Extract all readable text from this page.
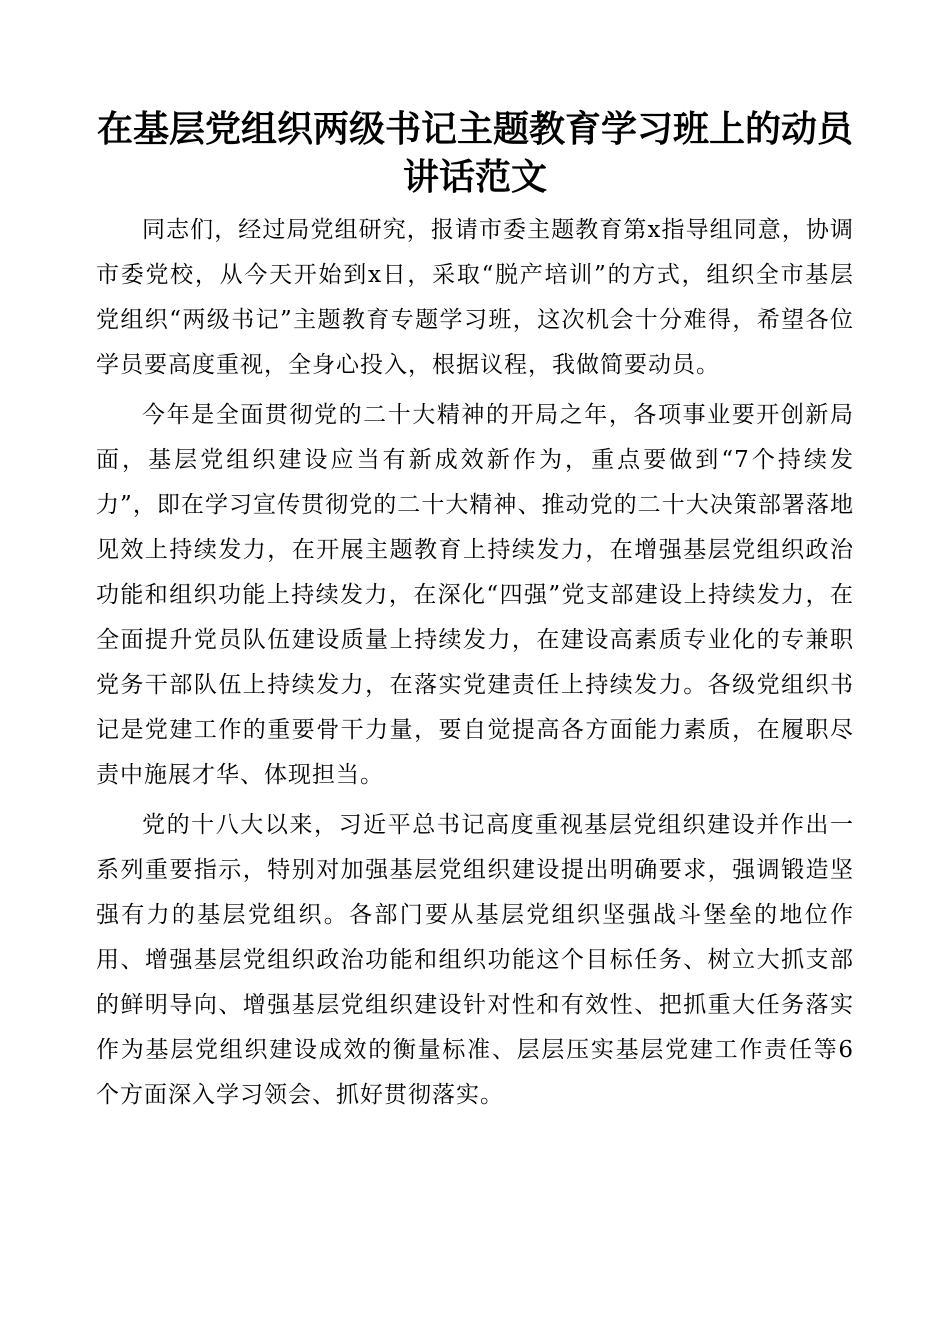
在基层党组织两级书记主题教育学习班上的动员讲话范文

同志们，经过局党组研究，报请市委主题教育第x指导组同意，协调市委党校，从今天开始到x日，采取“脱产培训”的方式，组织全市基层党组织“两级书记”主题教育专题学习班，这次机会十分难得，希望各位学员要高度重视，全身心投入，根据议程，我做简要动员。

今年是全面贯彻党的二十大精神的开局之年，各项事业要开创新局面，基层党组织建设应当有新成效新作为，重点要做到“7个持续发力”，即在学习宣传贯彻党的二十大精神、推动党的二十大决策部署落地见效上持续发力，在开展主题教育上持续发力，在增强基层党组织政治功能和组织功能上持续发力，在深化“四强”党支部建设上持续发力，在全面提升党员队伍建设质量上持续发力，在建设高素质专业化的专兼职党务干部队伍上持续发力，在落实党建责任上持续发力。各级党组织书记是党建工作的重要骨干力量，要自觉提高各方面能力素质，在履职尽责中施展才华、体现担当。

党的十八大以来，习近平总书记高度重视基层党组织建设并作出一系列重要指示，特别对加强基层党组织建设提出明确要求，强调锻造坚强有力的基层党组织。各部门要从基层党组织坚强战斗堡垒的地位作用、增强基层党组织政治功能和组织功能这个目标任务、树立大抓支部的鲜明导向、增强基层党组织建设针对性和有效性、把抓重大任务落实作为基层党组织建设成效的衡量标准、层层压实基层党建工作责任等6个方面深入学习领会、抓好贯彻落实。
